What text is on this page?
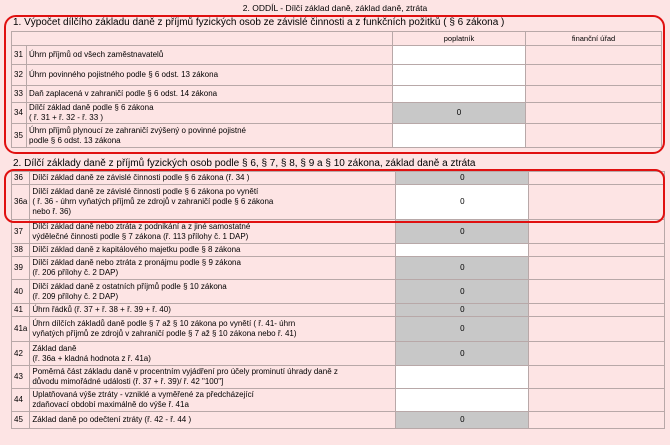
2. ODDÍL - Dílčí základ daně, základ daně, ztráta
1. Výpočet dílčího základu daně z příjmů fyzických osob ze závislé činnosti a z funkčních požitků ( § 6 zákona )
		poplatník	finanční úřad
31	Úhrn příjmů od všech zaměstnavatelů		
32	Úhrn povinného pojistného podle § 6 odst. 13 zákona		
33	Daň zaplacená v zahraničí podle § 6 odst. 14 zákona		
34	Dílčí základ daně podle § 6 zákona
( ř. 31 + ř. 32 - ř. 33 )	0	
35	Úhrn příjmů plynoucí ze zahraničí zvýšený o povinné pojistné
podle § 6 odst. 13 zákona		
2. Dílčí základy daně z příjmů fyzických osob podle § 6, § 7, § 8, § 9 a § 10 zákona, základ daně a ztráta
36	Dílčí základ daně ze závislé činnosti podle § 6 zákona (ř. 34 )	0	
36a	Dílčí základ daně ze závislé činnosti podle § 6 zákona po vynětí
( ř. 36 - úhrn vyňatých příjmů ze zdrojů v zahraničí podle § 6 zákona
nebo ř. 36)	0	
37	Dílčí základ daně nebo ztráta z podnikání a z jiné samostatné
výdělečné činnosti podle § 7 zákona (ř. 113 přílohy č. 1 DAP)	0	
38	Dílčí základ daně z kapitálového majetku podle § 8 zákona		
39	Dílčí základ daně nebo ztráta z pronájmu podle § 9 zákona
(ř. 206 přílohy č. 2 DAP)	0	
40	Dílčí základ daně z ostatních příjmů podle § 10 zákona
(ř. 209 přílohy č. 2 DAP)	0	
41	Úhrn řádků (ř. 37 + ř. 38 + ř. 39 + ř. 40)	0	
41a	Úhrn dílčích základů daně podle § 7 až § 10 zákona po vynětí ( ř. 41- úhrn
vyňatých příjmů ze zdrojů v zahraničí podle § 7 až § 10 zákona nebo ř. 41)	0	
42	Základ daně
(ř. 36a + kladná hodnota z ř. 41a)	0	
43	Poměrná část základu daně v procentním vyjádření pro účely prominutí úhrady daně z
důvodu mimořádné události (ř. 37 + ř. 39)/ ř. 42 "100"]		
44	Uplatňovaná výše ztráty - vzniklé a vyměřené za předcházející
zdaňovací období maximálně do výše ř. 41a		
45	Základ daně po odečtení ztráty (ř. 42 - ř. 44 )	0	
